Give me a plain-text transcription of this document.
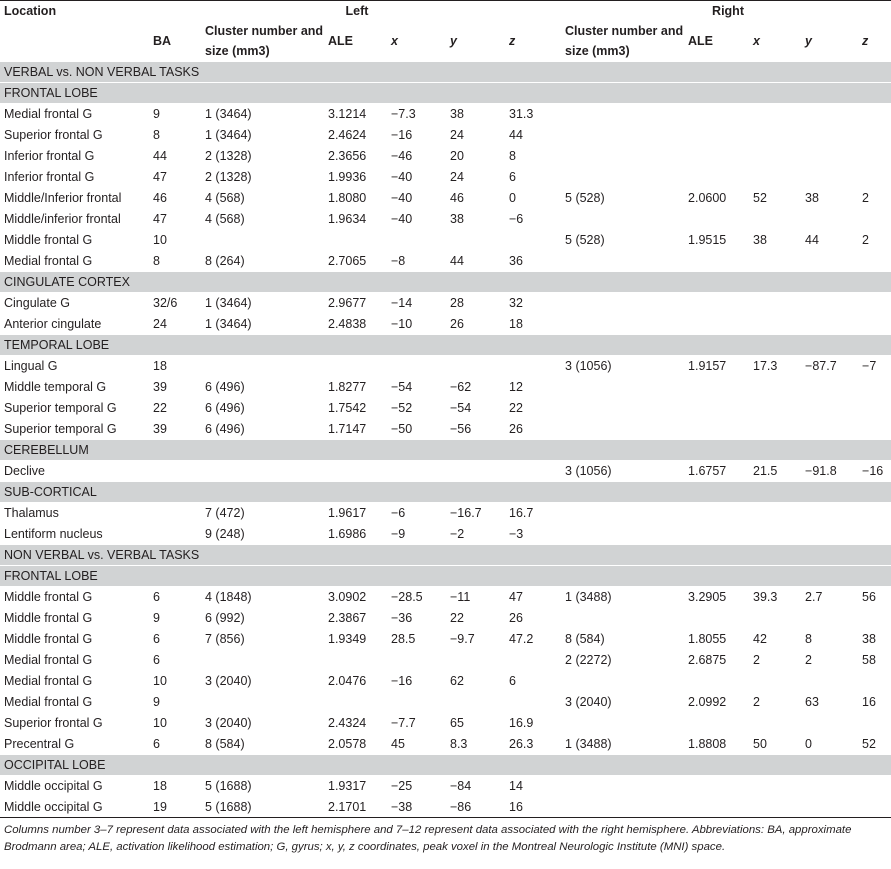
Location	Left						Right				
	BA	Cluster number and size (mm3)	ALE	x	y	z	Cluster number and size (mm3)	ALE	x	y	z
VERBAL vs. NON VERBAL TASKS											
FRONTAL LOBE											
Medial frontal G	9	1 (3464)	3.1214	−7.3	38	31.3					
Superior frontal G	8	1 (3464)	2.4624	−16	24	44					
Inferior frontal G	44	2 (1328)	2.3656	−46	20	8					
Inferior frontal G	47	2 (1328)	1.9936	−40	24	6					
Middle/Inferior frontal	46	4 (568)	1.8080	−40	46	0	5 (528)	2.0600	52	38	2
Middle/inferior frontal	47	4 (568)	1.9634	−40	38	−6					
Middle frontal G	10						5 (528)	1.9515	38	44	2
Medial frontal G	8	8 (264)	2.7065	−8	44	36					
CINGULATE CORTEX											
Cingulate G	32/6	1 (3464)	2.9677	−14	28	32					
Anterior cingulate	24	1 (3464)	2.4838	−10	26	18					
TEMPORAL LOBE											
Lingual G	18						3 (1056)	1.9157	17.3	−87.7	−7
Middle temporal G	39	6 (496)	1.8277	−54	−62	12					
Superior temporal G	22	6 (496)	1.7542	−52	−54	22					
Superior temporal G	39	6 (496)	1.7147	−50	−56	26					
CEREBELLUM											
Declive							3 (1056)	1.6757	21.5	−91.8	−16
SUB-CORTICAL											
Thalamus		7 (472)	1.9617	−6	−16.7	16.7					
Lentiform nucleus		9 (248)	1.6986	−9	−2	−3					
NON VERBAL vs. VERBAL TASKS											
FRONTAL LOBE											
Middle frontal G	6	4 (1848)	3.0902	−28.5	−11	47	1 (3488)	3.2905	39.3	2.7	56
Middle frontal G	9	6 (992)	2.3867	−36	22	26					
Middle frontal G	6	7 (856)	1.9349	28.5	−9.7	47.2	8 (584)	1.8055	42	8	38
Medial frontal G	6						2 (2272)	2.6875	2	2	58
Medial frontal G	10	3 (2040)	2.0476	−16	62	6					
Medial frontal G	9						3 (2040)	2.0992	2	63	16
Superior frontal G	10	3 (2040)	2.4324	−7.7	65	16.9					
Precentral G	6	8 (584)	2.0578	45	8.3	26.3	1 (3488)	1.8808	50	0	52
OCCIPITAL LOBE											
Middle occipital G	18	5 (1688)	1.9317	−25	−84	14					
Middle occipital G	19	5 (1688)	2.1701	−38	−86	16					
Columns number 3–7 represent data associated with the left hemisphere and 7–12 represent data associated with the right hemisphere. Abbreviations: BA, approximate Brodmann area; ALE, activation likelihood estimation; G, gyrus; x, y, z coordinates, peak voxel in the Montreal Neurologic Institute (MNI) space.
